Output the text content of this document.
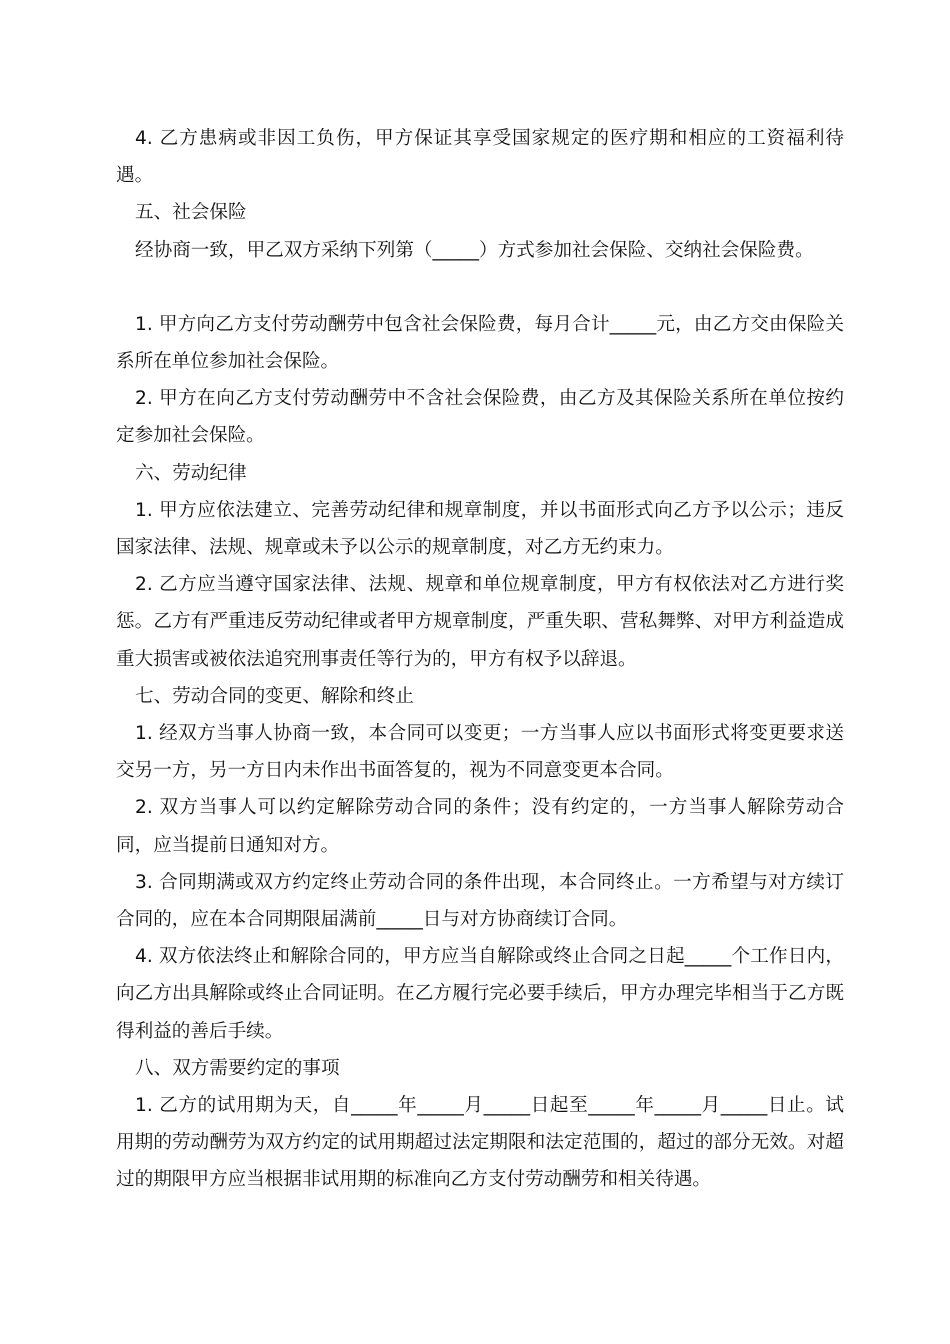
4. 乙方患病或非因工负伤，甲方保证其享受国家规定的医疗期和相应的工资福利待遇。

五、社会保险

经协商一致，甲乙双方采纳下列第（_____）方式参加社会保险、交纳社会保险费。

1. 甲方向乙方支付劳动酬劳中包含社会保险费，每月合计_____元，由乙方交由保险关系所在单位参加社会保险。

2. 甲方在向乙方支付劳动酬劳中不含社会保险费，由乙方及其保险关系所在单位按约定参加社会保险。

六、劳动纪律

1. 甲方应依法建立、完善劳动纪律和规章制度，并以书面形式向乙方予以公示；违反国家法律、法规、规章或未予以公示的规章制度，对乙方无约束力。

2. 乙方应当遵守国家法律、法规、规章和单位规章制度，甲方有权依法对乙方进行奖惩。乙方有严重违反劳动纪律或者甲方规章制度，严重失职、营私舞弊、对甲方利益造成重大损害或被依法追究刑事责任等行为的，甲方有权予以辞退。

七、劳动合同的变更、解除和终止

1. 经双方当事人协商一致，本合同可以变更；一方当事人应以书面形式将变更要求送交另一方，另一方日内未作出书面答复的，视为不同意变更本合同。

2. 双方当事人可以约定解除劳动合同的条件；没有约定的，一方当事人解除劳动合同，应当提前日通知对方。

3. 合同期满或双方约定终止劳动合同的条件出现，本合同终止。一方希望与对方续订合同的，应在本合同期限届满前_____日与对方协商续订合同。

4. 双方依法终止和解除合同的，甲方应当自解除或终止合同之日起_____个工作日内，向乙方出具解除或终止合同证明。在乙方履行完必要手续后，甲方办理完毕相当于乙方既得利益的善后手续。

八、双方需要约定的事项

1. 乙方的试用期为天，自_____年_____月_____日起至_____年_____月_____日止。试用期的劳动酬劳为双方约定的试用期超过法定期限和法定范围的，超过的部分无效。对超过的期限甲方应当根据非试用期的标准向乙方支付劳动酬劳和相关待遇。
